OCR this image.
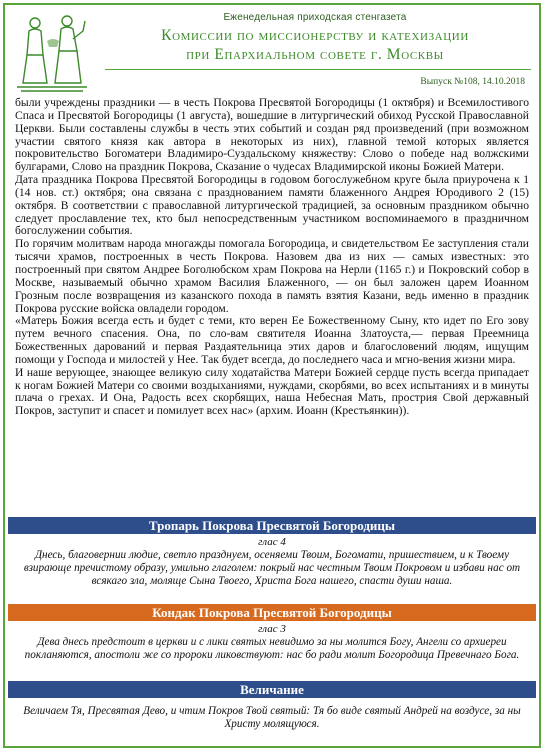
Еженедельная приходская стенгазета
Комиссии по миссионерству и катехизации
при Епархиальном совете г. Москвы
Выпуск №108, 14.10.2018

были учреждены праздники — в честь Покрова Пресвятой Богородицы (1 октября) и Всемилостивого Спаса и Пресвятой Богородицы (1 августа), вошедшие в литургический обиход Русской Православной Церкви. Были составлены службы в честь этих событий и создан ряд произведений (при возможном участии святого князя как автора в некоторых из них), главной темой которых является покровительство Богоматери Владимиро-Суздальскому княжеству: Слово о победе над волжскими булгарами, Слово на праздник Покрова, Сказание о чудесах Владимирской иконы Божией Матери.

Дата праздника Покрова Пресвятой Богородицы в годовом богослужебном круге была приурочена к 1 (14 нов. ст.) октября; она связана с празднованием памяти блаженного Андрея Юродивого 2 (15) октября. В соответствии с православной литургической традицией, за основным праздником обычно следует прославление тех, кто был непосредственным участником воспоминаемого в праздничном богослужении события.

По горячим молитвам народа многажды помогала Богородица, и свидетельством Ее заступления стали тысячи храмов, построенных в честь Покрова. Назовем два из них — самых известных: это построенный при святом Андрее Боголюбском храм Покрова на Нерли (1165 г.) и Покровский собор в Москве, называемый обычно храмом Василия Блаженного, — он был заложен царем Иоанном Грозным после возвращения из казанского похода в память взятия Казани, ведь именно в праздник Покрова русские войска овладели городом.

«Матерь Божия всегда есть и будет с теми, кто верен Ее Божественному Сыну, кто идет по Его зову путем вечного спасения. Она, по сло-вам святителя Иоанна Златоуста,— первая Преемница Божественных дарований и первая Раздаятельница этих даров и благословений людям, ищущим помощи у Господа и милостей у Нее. Так будет всегда, до последнего часа и мгно-вения жизни мира.

И наше верующее, знающее великую силу ходатайства Матери Божией сердце пусть всегда припадает к ногам Божией Матери со своими воздыханиями, нуждами, скорбями, во всех испытаниях и в минуты плача о грехах. И Она, Радость всех скорбящих, наша Небесная Мать, прострия Свой державный Покров, заступит и спасет и помилует всех нас» (архим. Иоанн (Крестьянкин)).

Тропарь Покрова Пресвятой Богородицы
глас 4
Днесь, благовернии людие, светло празднуем, осеняеми Твоим, Богомати, пришествием, и к Твоему взирающе пречистому образу, умильно глаголем: покрый нас честным Твоим Покровом и избави нас от всякаго зла, моляще Сына Твоего, Христа Бога нашего, спасти души наша.
Кондак Покрова Пресвятой Богородицы
глас 3
Дева днесь предстоит в церкви и с лики святых невидимо за ны молится Богу, Ангели со архиереи покланяются, апостоли же со пророки ликовствуют: нас бо ради молит Богородица Превечнаго Бога.
Величание
Величаем Тя, Пресвятая Дево, и чтим Покров Твой святый: Тя бо виде святый Андрей на воздусе, за ны Христу молящуюся.
